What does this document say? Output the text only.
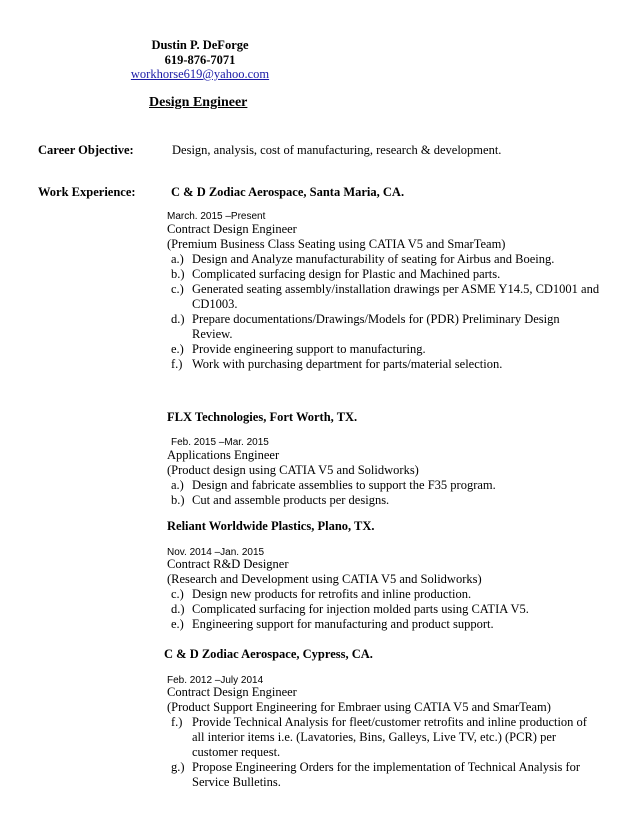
Dustin P. DeForge
619-876-7071
workhorse619@yahoo.com
Design Engineer
Career Objective:	Design, analysis, cost of manufacturing, research & development.
Work Experience:	C & D Zodiac Aerospace, Santa Maria, CA.
March. 2015 –Present
Contract Design Engineer
(Premium Business Class Seating using CATIA V5 and SmarTeam)
a.) Design and Analyze manufacturability of seating for Airbus and Boeing.
b.) Complicated surfacing design for Plastic and Machined parts.
c.) Generated seating assembly/installation drawings per ASME Y14.5, CD1001 and
CD1003.
d.) Prepare documentations/Drawings/Models for (PDR) Preliminary Design
Review.
e.) Provide engineering support to manufacturing.
f.) Work with purchasing department for parts/material selection.
FLX Technologies, Fort Worth, TX.
Feb. 2015 –Mar. 2015
Applications Engineer
(Product design using CATIA V5 and Solidworks)
a.) Design and fabricate assemblies to support the F35 program.
b.) Cut and assemble products per designs.
Reliant Worldwide Plastics, Plano, TX.
Nov. 2014 –Jan. 2015
Contract R&D Designer
(Research and Development using CATIA V5 and Solidworks)
c.) Design new products for retrofits and inline production.
d.) Complicated surfacing for injection molded parts using CATIA V5.
e.) Engineering support for manufacturing and product support.
C & D Zodiac Aerospace, Cypress, CA.
Feb. 2012 –July 2014
Contract Design Engineer
(Product Support Engineering for Embraer using CATIA V5 and SmarTeam)
f.) Provide Technical Analysis for fleet/customer retrofits and inline production of
all interior items i.e. (Lavatories, Bins, Galleys, Live TV, etc.) (PCR) per
customer request.
g.) Propose Engineering Orders for the implementation of Technical Analysis for
Service Bulletins.
